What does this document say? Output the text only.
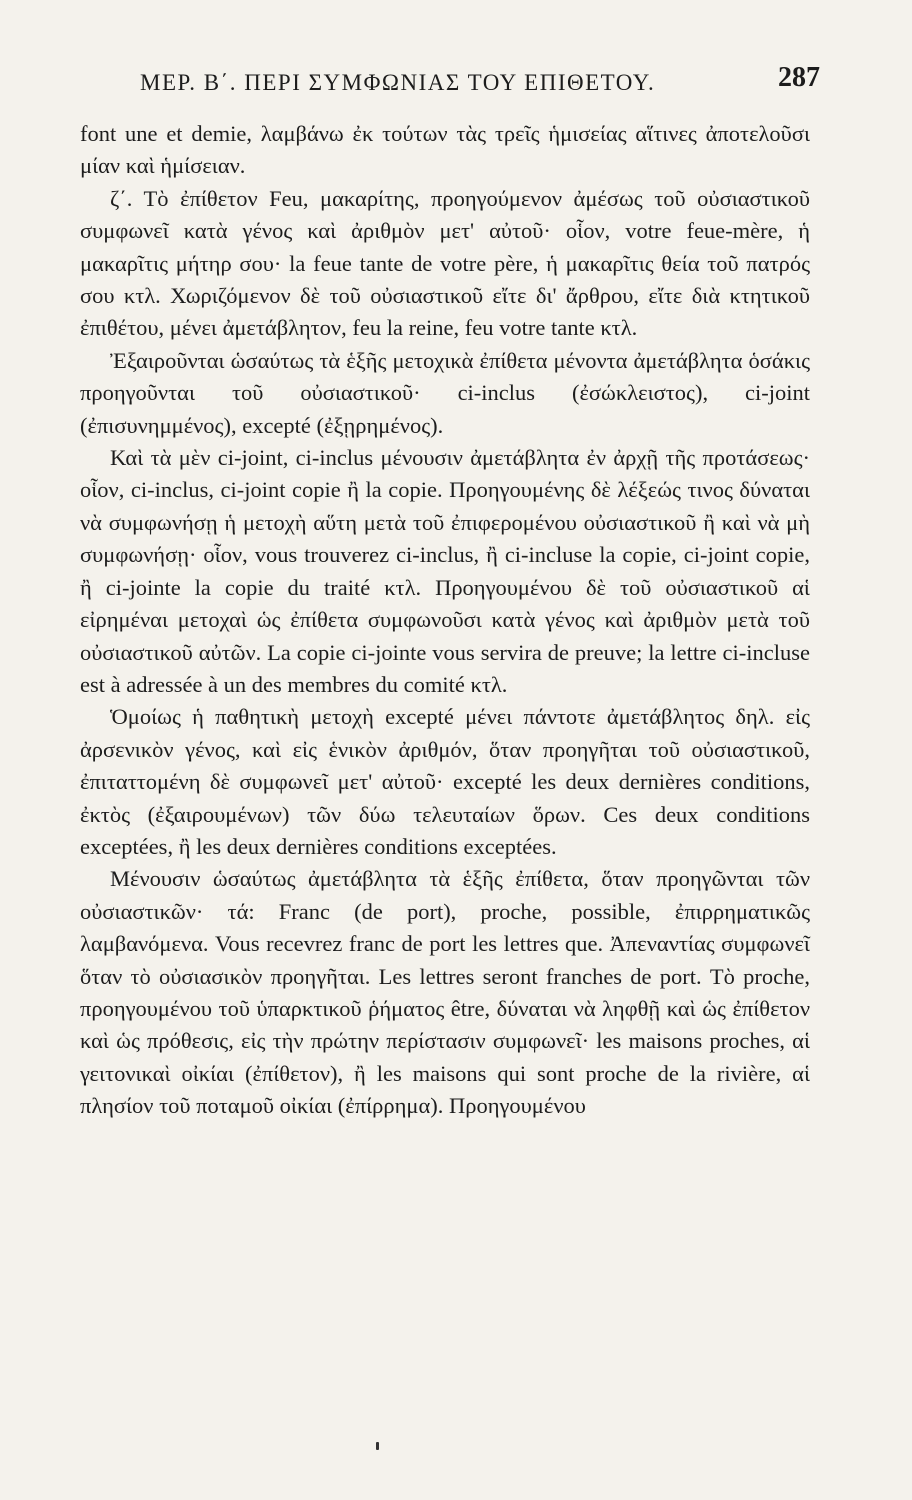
ΜΕΡ. Β΄. ΠΕΡΙ ΣΥΜΦΩΝΙΑΣ ΤΟΥ ΕΠΙΘΕΤΟΥ.	287

font une et demie, λαμβάνω ἐκ τούτων τὰς τρεῖς ἡμισείας αἵτινες ἀποτελοῦσι μίαν καὶ ἡμίσειαν.

ζ΄. Τὸ ἐπίθετον Feu, μακαρίτης, προηγούμενον ἀμέσως τοῦ οὐσιαστικοῦ συμφωνεῖ κατὰ γένος καὶ ἀριθμὸν μετ' αὐτοῦ· οἷον, votre feue-mère, ἡ μακαρῖτις μήτηρ σου· la feue tante de votre père, ἡ μακαρῖτις θεία τοῦ πατρός σου κτλ. Χωριζόμενον δὲ τοῦ οὐσιαστικοῦ εἴτε δι' ἄρθρου, εἴτε διὰ κτητικοῦ ἐπιθέτου, μένει ἀμετάβλητον, feu la reine, feu votre tante κτλ.

Ἐξαιροῦνται ὡσαύτως τὰ ἑξῆς μετοχικὰ ἐπίθετα μένοντα ἀμετάβλητα ὁσάκις προηγοῦνται τοῦ οὐσιαστικοῦ· ci-inclus (ἐσώκλειστος), ci-joint (ἐπισυνημμένος), excepté (ἐξῃρημένος).

Καὶ τὰ μὲν ci-joint, ci-inclus μένουσιν ἀμετάβλητα ἐν ἀρχῇ τῆς προτάσεως· οἷον, ci-inclus, ci-joint copie ἢ la copie. Προηγουμένης δὲ λέξεώς τινος δύναται νὰ συμφωνήσῃ ἡ μετοχὴ αὕτη μετὰ τοῦ ἐπιφερομένου οὐσιαστικοῦ ἢ καὶ νὰ μὴ συμφωνήσῃ· οἷον, vous trouverez ci-inclus, ἢ ci-incluse la copie, ci-joint copie, ἢ ci-jointe la copie du traité κτλ. Προηγουμένου δὲ τοῦ οὐσιαστικοῦ αἱ εἰρημέναι μετοχαὶ ὡς ἐπίθετα συμφωνοῦσι κατὰ γένος καὶ ἀριθμὸν μετὰ τοῦ οὐσιαστικοῦ αὐτῶν. La copie ci-jointe vous servira de preuve; la lettre ci-incluse est à adressée à un des membres du comité κτλ.

Ὁμοίως ἡ παθητικὴ μετοχὴ excepté μένει πάντοτε ἀμετάβλητος δηλ. εἰς ἀρσενικὸν γένος, καὶ εἰς ἑνικὸν ἀριθμόν, ὅταν προηγῆται τοῦ οὐσιαστικοῦ, ἐπιταττομένη δὲ συμφωνεῖ μετ' αὐτοῦ· excepté les deux dernières conditions, ἐκτὸς (ἐξαιρουμένων) τῶν δύω τελευταίων ὅρων. Ces deux conditions exceptées, ἢ les deux dernières conditions exceptées.

Μένουσιν ὡσαύτως ἀμετάβλητα τὰ ἑξῆς ἐπίθετα, ὅταν προηγῶνται τῶν οὐσιαστικῶν· τά: Franc (de port), proche, possible, ἐπιρρηματικῶς λαμβανόμενα. Vous recevrez franc de port les lettres que. Ἀπεναντίας συμφωνεῖ ὅταν τὸ οὐσιασικὸν προηγῆται. Les lettres seront franches de port. Τὸ proche, προηγουμένου τοῦ ὑπαρκτικοῦ ῥήματος être, δύναται νὰ ληφθῇ καὶ ὡς ἐπίθετον καὶ ὡς πρόθεσις, εἰς τὴν πρώτην περίστασιν συμφωνεῖ· les maisons proches, αἱ γειτονικαὶ οἰκίαι (ἐπίθετον), ἢ les maisons qui sont proche de la rivière, αἱ πλησίον τοῦ ποταμοῦ οἰκίαι (ἐπίρρημα). Προηγουμένου
